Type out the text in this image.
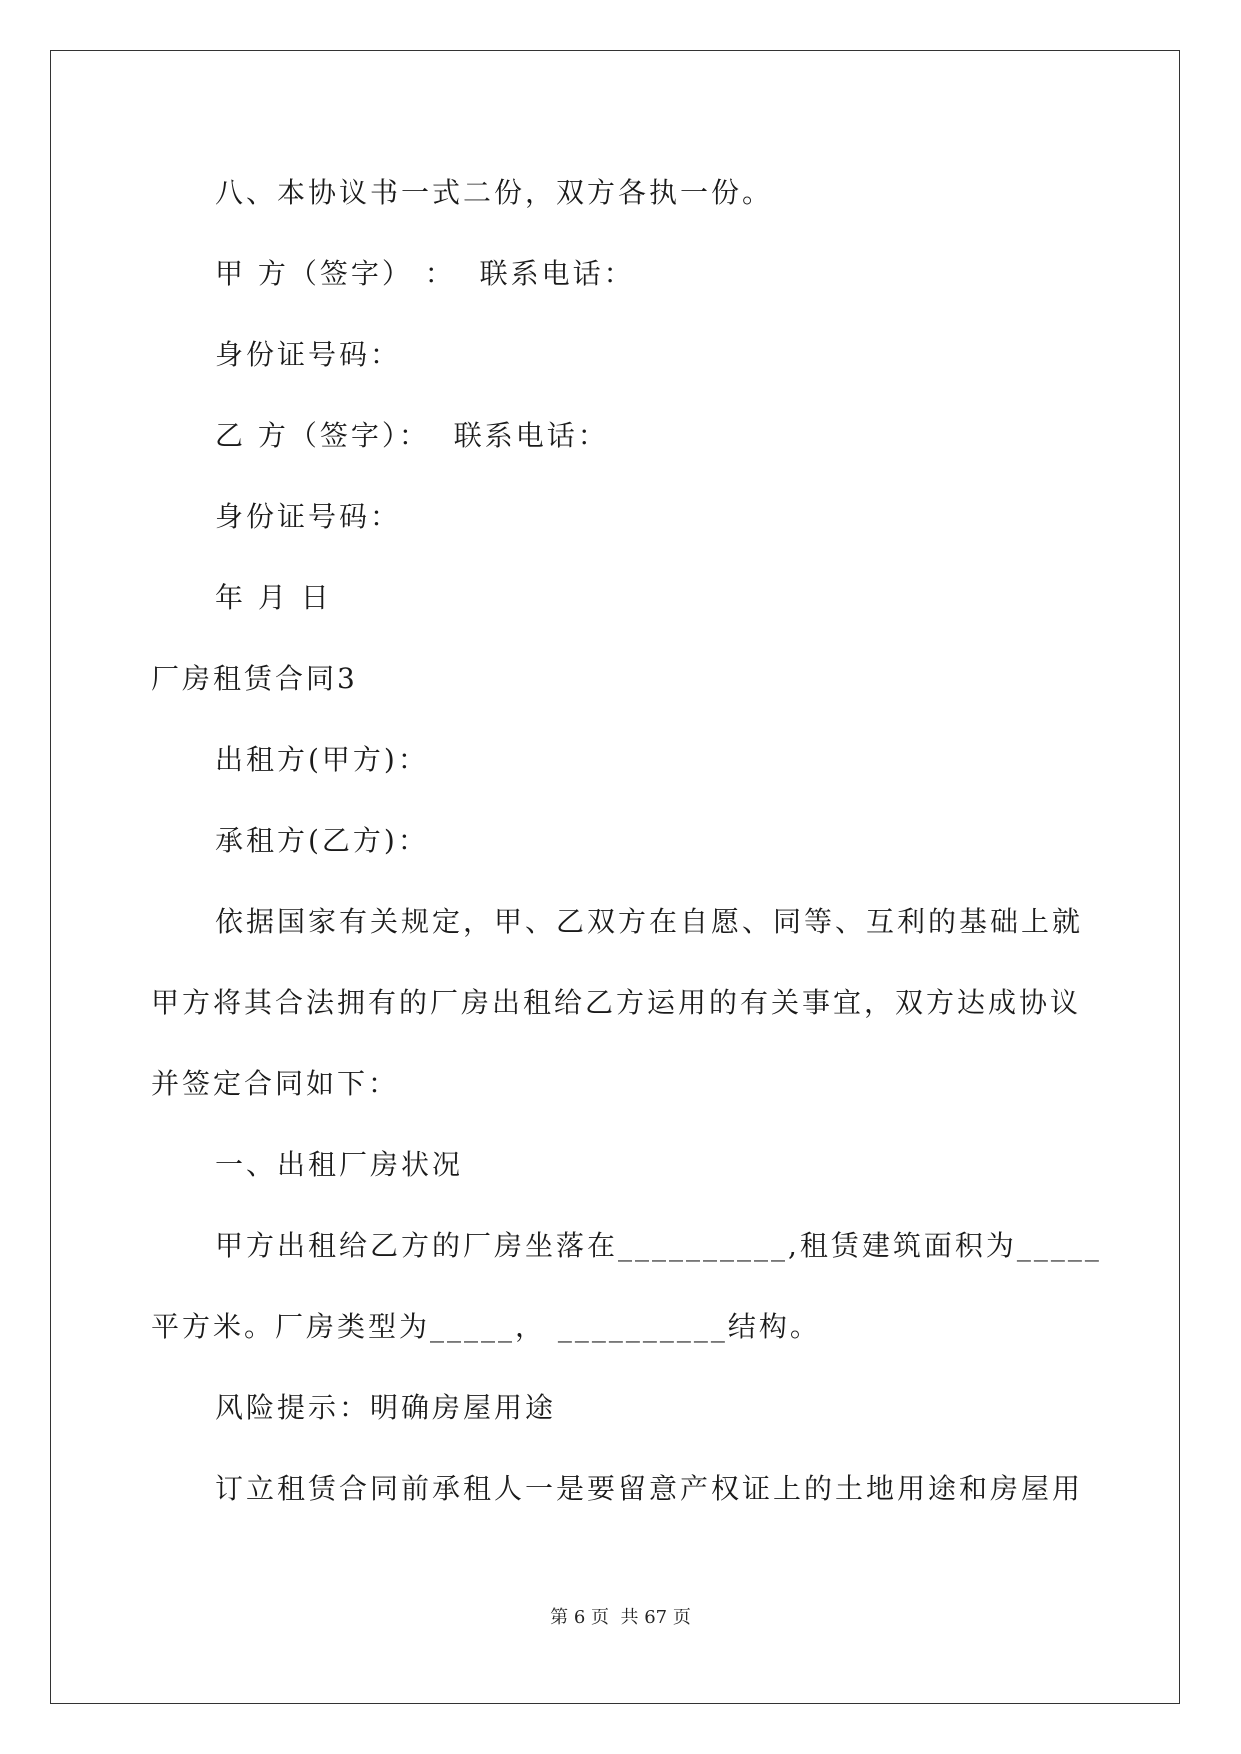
八、本协议书一式二份，双方各执一份。
甲 方（签字） ：  联系电话：
身份证号码：
乙 方（签字）：  联系电话：
身份证号码：
年 月 日
厂房租赁合同3
出租方(甲方)：
承租方(乙方)：
依据国家有关规定，甲、乙双方在自愿、同等、互利的基础上就
甲方将其合法拥有的厂房出租给乙方运用的有关事宜，双方达成协议
并签定合同如下：
一、出租厂房状况
甲方出租给乙方的厂房坐落在__________,租赁建筑面积为_____
平方米。厂房类型为_____， __________结构。
风险提示：明确房屋用途
订立租赁合同前承租人一是要留意产权证上的土地用途和房屋用
第 6 页  共 67 页
